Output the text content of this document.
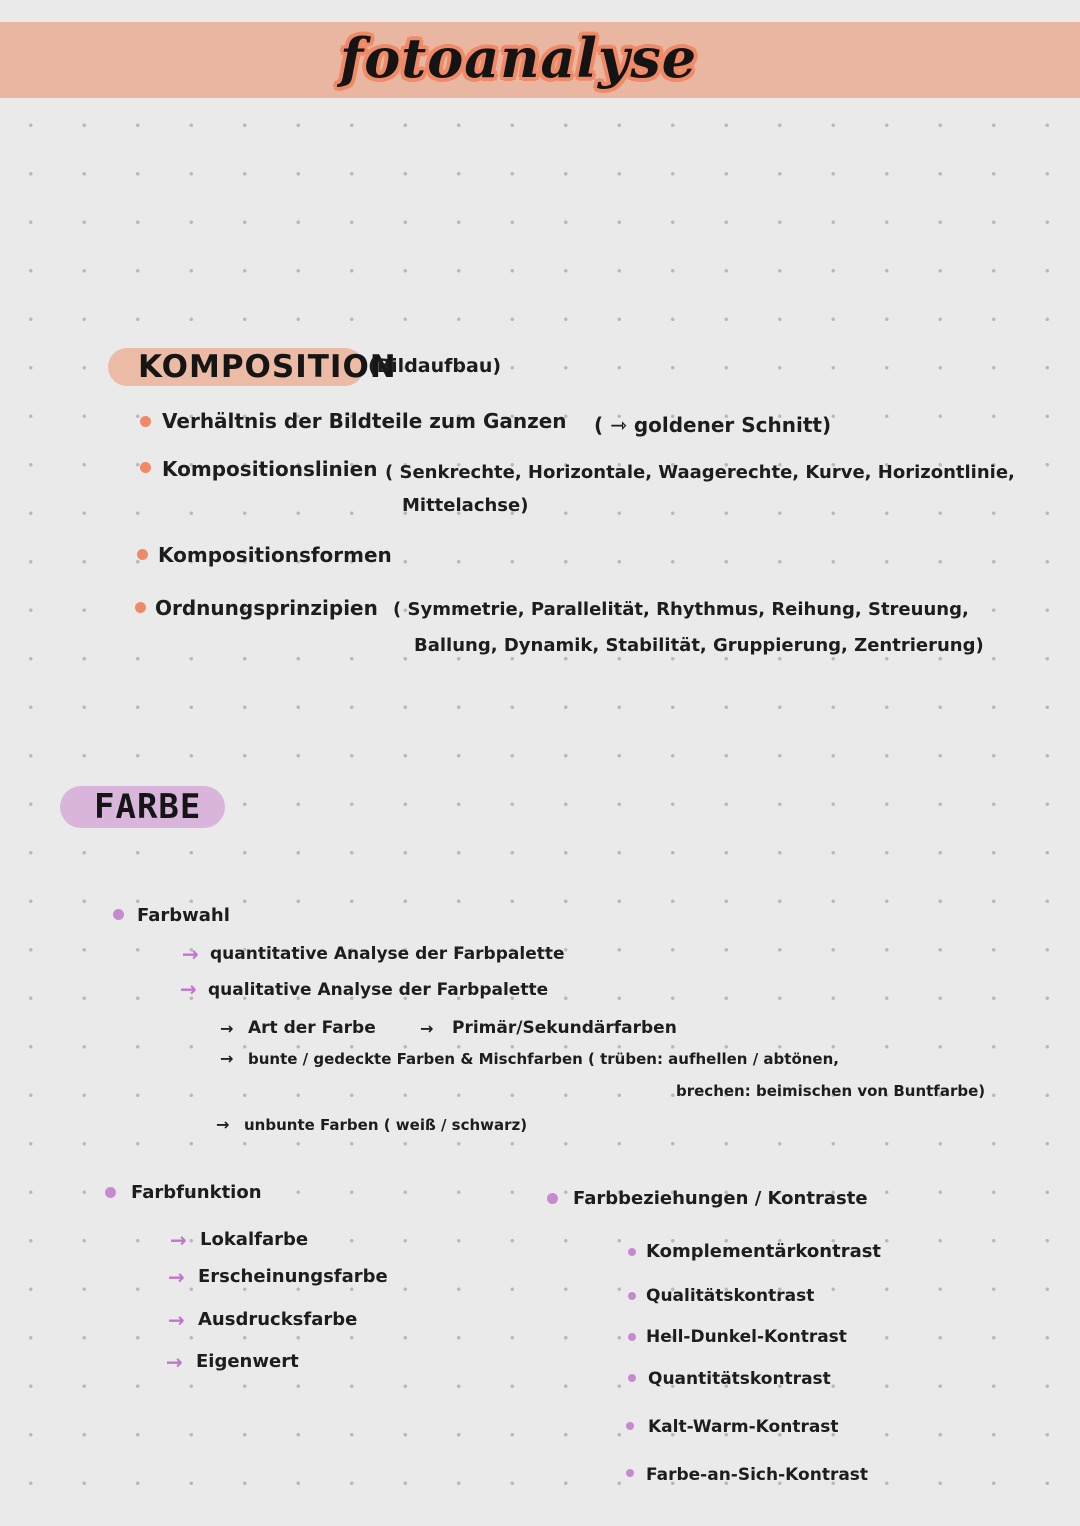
fotoanalyse
KOMPOSITION
(Bildaufbau)

Verhältnis der Bildteile zum Ganzen ( ⇾ goldener Schnitt)

Kompositionslinien ( Senkrechte, Horizontale, Waagerechte, Kurve, Horizontlinie,

Mittelachse)

Kompositionsformen

Ordnungsprinzipien ( Symmetrie, Parallelität, Rhythmus, Reihung, Streuung,

Ballung, Dynamik, Stabilität, Gruppierung, Zentrierung)

FARBE

Farbwahl

→ quantitative Analyse der Farbpalette

→ qualitative Analyse der Farbpalette

→ Art der Farbe	→ Primär/Sekundärfarben

→ bunte / gedeckte Farben & Mischfarben ( trüben: aufhellen / abtönen,

brechen: beimischen von Buntfarbe)

→ unbunte Farben ( weiß / schwarz)

Farbfunktion

→ Lokalfarbe

→ Erscheinungsfarbe

→ Ausdrucksfarbe

→ Eigenwert

Farbbeziehungen / Kontraste

Komplementärkontrast

Qualitätskontrast

Hell-Dunkel-Kontrast

Quantitätskontrast

Kalt-Warm-Kontrast

Farbe-an-Sich-Kontrast
